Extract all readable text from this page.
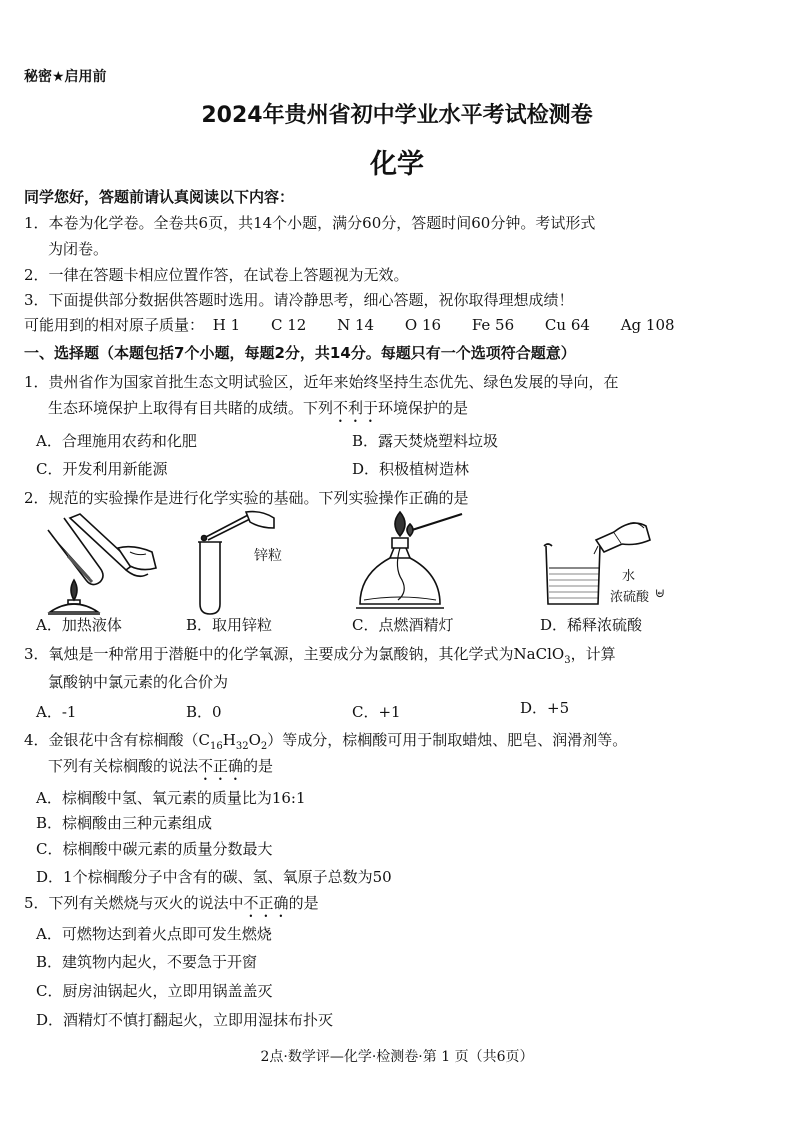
秘密★启用前
2024年贵州省初中学业水平考试检测卷
化学
同学您好，答题前请认真阅读以下内容：
1．本卷为化学卷。全卷共6页，共14个小题，满分60分，答题时间60分钟。考试形式
为闭卷。
2．一律在答题卡相应位置作答，在试卷上答题视为无效。
3．下面提供部分数据供答题时选用。请冷静思考，细心答题，祝你取得理想成绩！
可能用到的相对原子质量： H 1 C 12 N 14 O 16 Fe 56 Cu 64 Ag 108
一、选择题（本题包括7个小题，每题2分，共14分。每题只有一个选项符合题意）
1．贵州省作为国家首批生态文明试验区，近年来始终坚持生态优先、绿色发展的导向，在
生态环境保护上取得有目共睹的成绩。下列不利于环境保护的是
A．合理施用农药和化肥	B．露天焚烧塑料垃圾
C．开发利用新能源	D．积极植树造林
2．规范的实验操作是进行化学实验的基础。下列实验操作正确的是
锌粒
水
浓硫酸 ⊌
A．加热液体	B．取用锌粒	C．点燃酒精灯	D．稀释浓硫酸
3．氧烛是一种常用于潜艇中的化学氧源，主要成分为氯酸钠，其化学式为NaClO$_3$，计算
氯酸钠中氯元素的化合价为
A．-1	B．0	C．+1	D．+5
4．金银花中含有棕榈酸$(C_{16}H_{32}O_2)$等成分，棕榈酸可用于制取蜡烛、肥皂、润滑剂等。
下列有关棕榈酸的说法不正确的是
A．棕榈酸中氢、氧元素的质量比为16:1
B．棕榈酸由三种元素组成
C．棕榈酸中碳元素的质量分数最大
D．1个棕榈酸分子中含有的碳、氢、氧原子总数为50
5．下列有关燃烧与灭火的说法中不正确的是
A．可燃物达到着火点即可发生燃烧
B．建筑物内起火，不要急于开窗
C．厨房油锅起火，立即用锅盖盖灭
D．酒精灯不慎打翻起火，立即用湿抹布扑灭
2点·数学评—化学·检测卷·第 1 页（共6页）
